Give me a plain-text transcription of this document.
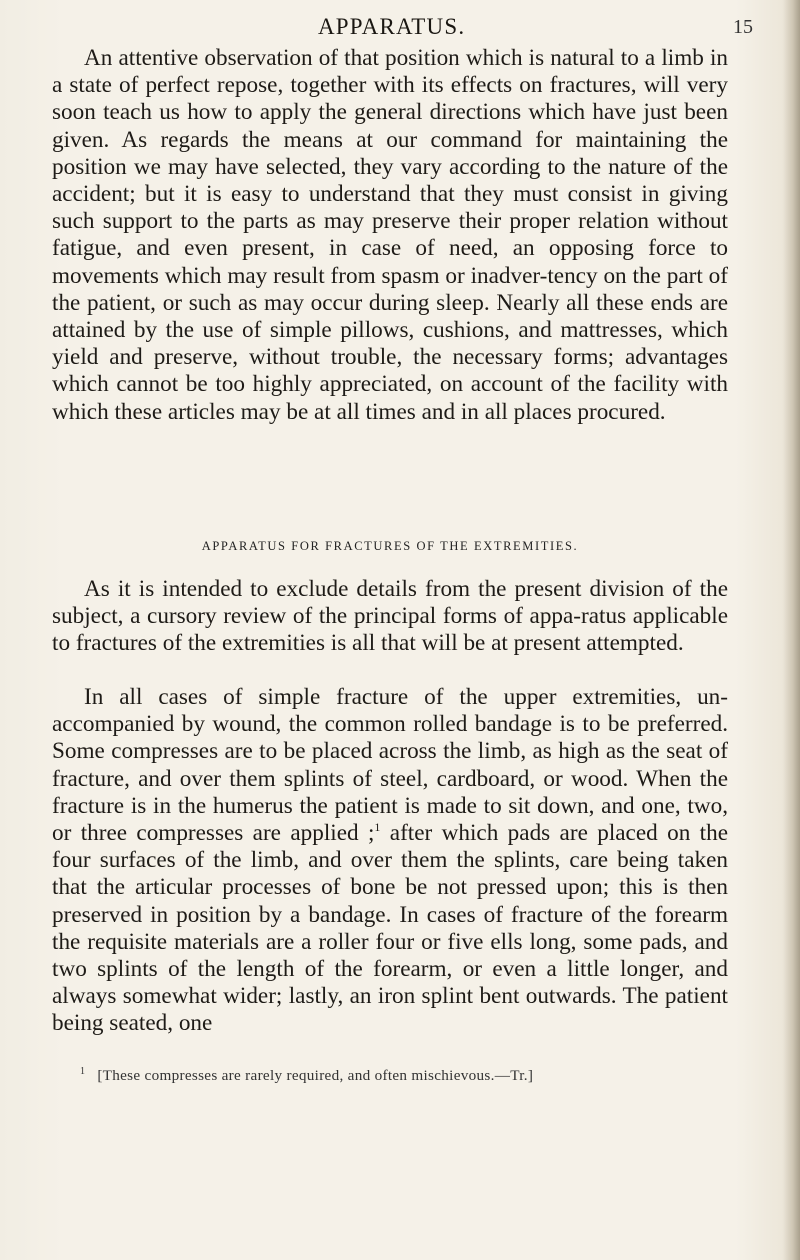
APPARATUS.	15

An attentive observation of that position which is natural to a limb in a state of perfect repose, together with its effects on fractures, will very soon teach us how to apply the general directions which have just been given. As regards the means at our command for maintaining the position we may have selected, they vary according to the nature of the accident; but it is easy to understand that they must consist in giving such support to the parts as may preserve their proper relation without fatigue, and even present, in case of need, an opposing force to movements which may result from spasm or inadver-tency on the part of the patient, or such as may occur during sleep. Nearly all these ends are attained by the use of simple pillows, cushions, and mattresses, which yield and preserve, without trouble, the necessary forms; advantages which cannot be too highly appreciated, on account of the facility with which these articles may be at all times and in all places procured.

APPARATUS FOR FRACTURES OF THE EXTREMITIES.

As it is intended to exclude details from the present division of the subject, a cursory review of the principal forms of appa-ratus applicable to fractures of the extremities is all that will be at present attempted.

In all cases of simple fracture of the upper extremities, un-accompanied by wound, the common rolled bandage is to be preferred. Some compresses are to be placed across the limb, as high as the seat of fracture, and over them splints of steel, cardboard, or wood. When the fracture is in the humerus the patient is made to sit down, and one, two, or three compresses are applied ;$^1$ after which pads are placed on the four surfaces of the limb, and over them the splints, care being taken that the articular processes of bone be not pressed upon; this is then preserved in position by a bandage. In cases of fracture of the forearm the requisite materials are a roller four or five ells long, some pads, and two splints of the length of the forearm, or even a little longer, and always somewhat wider; lastly, an iron splint bent outwards. The patient being seated, one

$^1$ [These compresses are rarely required, and often mischievous.—Tr.]
